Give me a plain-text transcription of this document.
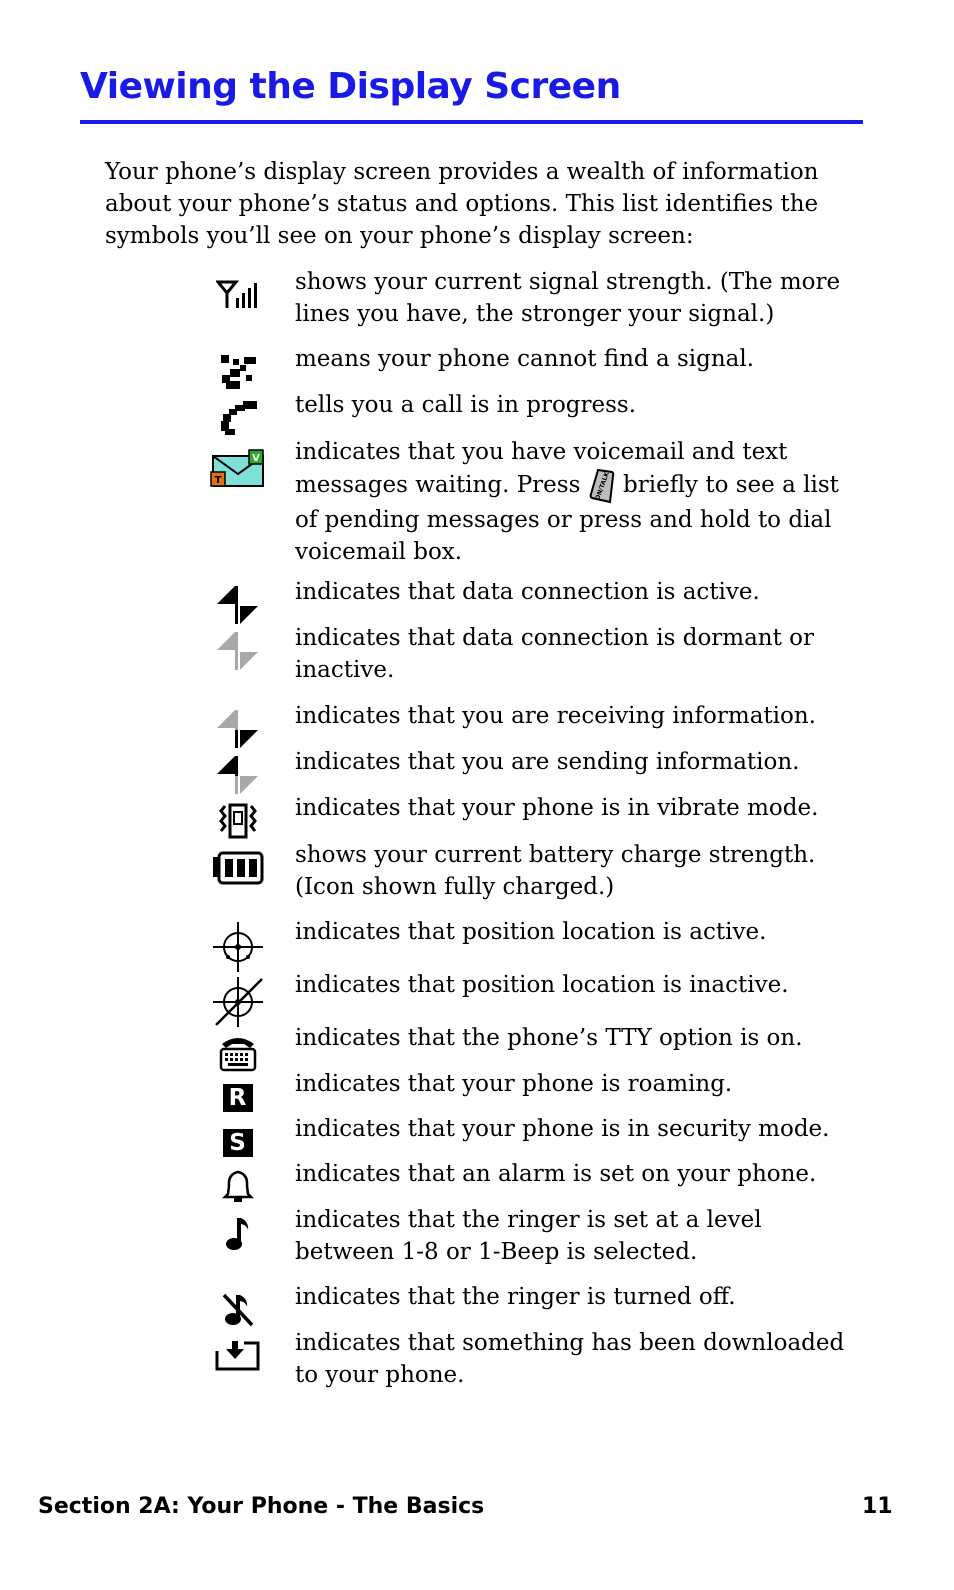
Viewing the Display Screen

Your phone’s display screen provides a wealth of information about your phone’s status and options. This list identifies the symbols you’ll see on your phone’s display screen:

shows your current signal strength. (The more lines you have, the stronger your signal.)

means your phone cannot find a signal.

tells you a call is in progress.

V
T

indicates that you have voicemail and text messages waiting. Press ON/TALK briefly to see a list of pending messages or press and hold to dial voicemail box.

indicates that data connection is active.

indicates that data connection is dormant or inactive.

indicates that you are receiving information.

indicates that you are sending information.

indicates that your phone is in vibrate mode.

shows your current battery charge strength. (Icon shown fully charged.)

indicates that position location is active.

indicates that position location is inactive.

indicates that the phone’s TTY option is on.

R

indicates that your phone is roaming.

S

indicates that your phone is in security mode.

indicates that an alarm is set on your phone.

indicates that the ringer is set at a level between 1-8 or 1-Beep is selected.

indicates that the ringer is turned off.

indicates that something has been downloaded to your phone.

Section 2A: Your Phone - The Basics	11
